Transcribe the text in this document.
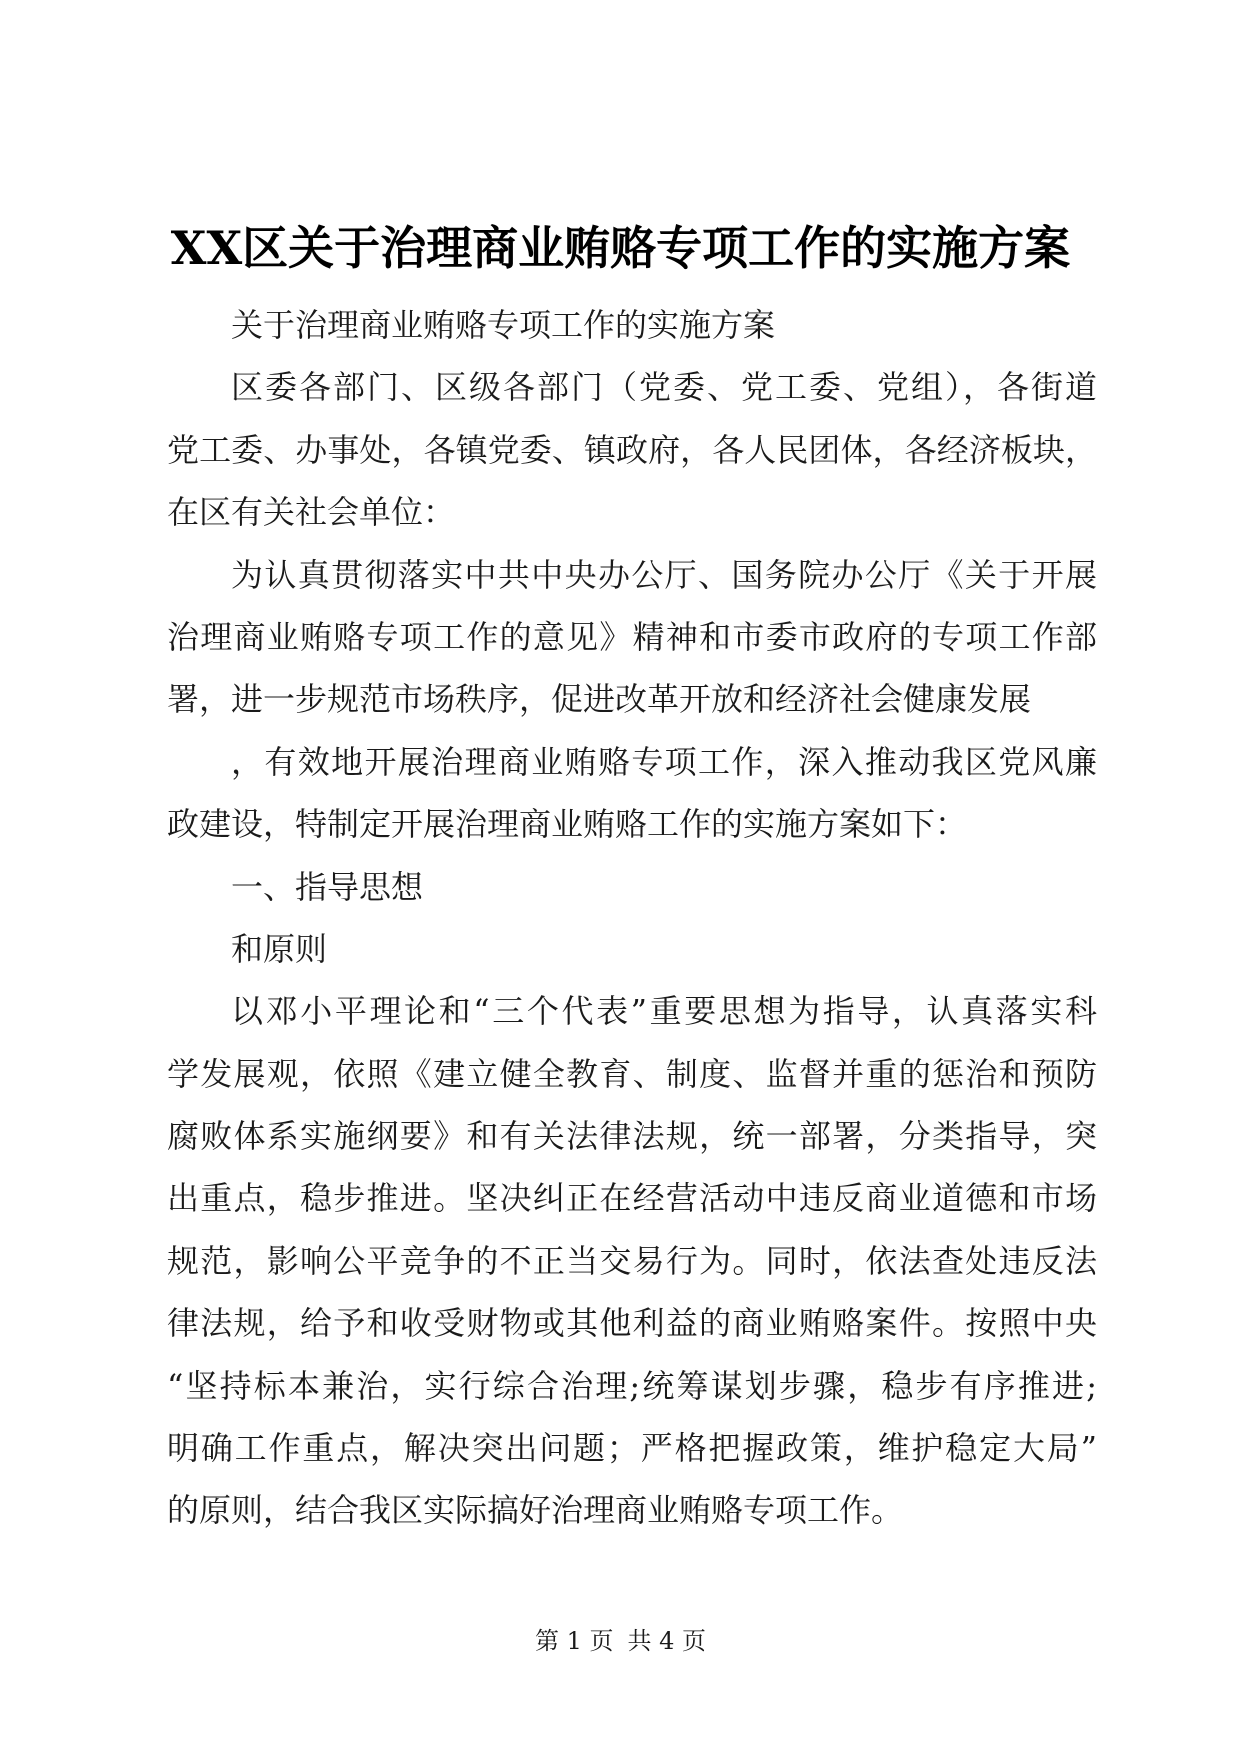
XX区关于治理商业贿赂专项工作的实施方案
关于治理商业贿赂专项工作的实施方案
区委各部门、区级各部门（党委、党工委、党组），各街道
党工委、办事处，各镇党委、镇政府，各人民团体，各经济板块，
在区有关社会单位：
为认真贯彻落实中共中央办公厅、国务院办公厅《关于开展
治理商业贿赂专项工作的意见》精神和市委市政府的专项工作部
署，进一步规范市场秩序，促进改革开放和经济社会健康发展
，有效地开展治理商业贿赂专项工作，深入推动我区党风廉
政建设，特制定开展治理商业贿赂工作的实施方案如下：
一、指导思想
和原则
以邓小平理论和“三个代表”重要思想为指导，认真落实科
学发展观，依照《建立健全教育、制度、监督并重的惩治和预防
腐败体系实施纲要》和有关法律法规，统一部署，分类指导，突
出重点，稳步推进。坚决纠正在经营活动中违反商业道德和市场
规范，影响公平竞争的不正当交易行为。同时，依法查处违反法
律法规，给予和收受财物或其他利益的商业贿赂案件。按照中央
“坚持标本兼治，实行综合治理;统筹谋划步骤，稳步有序推进;
明确工作重点，解决突出问题；严格把握政策，维护稳定大局”
的原则，结合我区实际搞好治理商业贿赂专项工作。
第 1 页 共 4 页
